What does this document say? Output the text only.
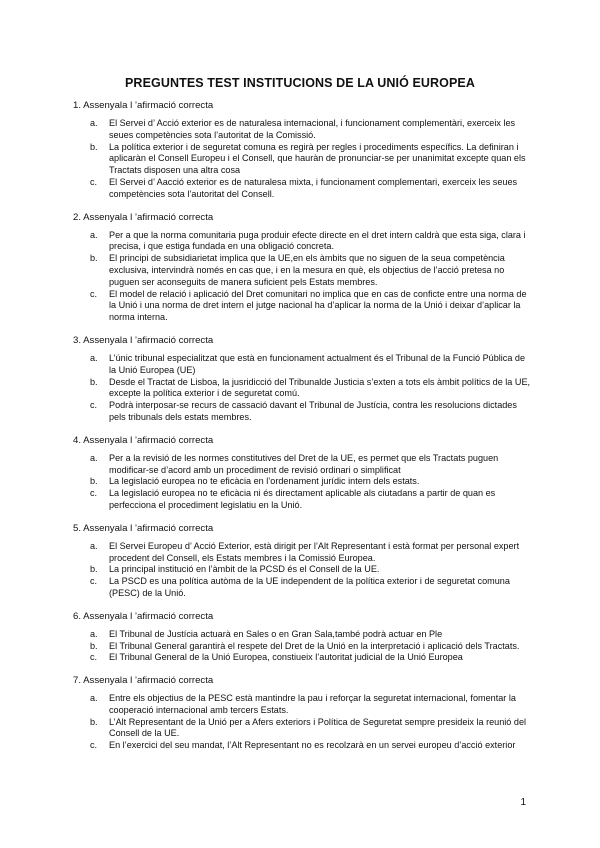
PREGUNTES TEST INSTITUCIONS DE LA UNIÓ EUROPEA
1. Assenyala l ’afirmació correcta
a. El Servei d’ Acció exterior es de naturalesa internacional, i funcionament complementàri, exerceix les seues competències sota l’autoritat de la Comissió.
b. La política exterior i de seguretat comuna es regirà per regles i procediments específics. La definiran i aplicaràn el Consell Europeu i el Consell, que hauràn de pronunciar-se per unanimitat excepte quan els Tractats disposen una altra cosa
c. El Servei d’ Aacció exterior es de naturalesa mixta, i funcionament complementari, exerceix les seues competències sota l’autoritat del Consell.
2. Assenyala l ’afirmació correcta
a. Per a que la norma comunitaria puga produir efecte directe en el dret intern caldrà que esta siga, clara i precisa, i que estiga fundada en una obligació concreta.
b. El principi de subsidiarietat implica que la UE,en els àmbits que no siguen de la seua competència exclusiva, intervindrà només en cas que, i en la mesura en què, els objectius de l’acció pretesa no puguen ser aconseguits de manera suficient pels Estats membres.
c. El model de relació i aplicació del Dret comunitari no implica que en cas de conficte entre una norma de la Unió i una norma de dret intern el jutge nacional ha d’aplicar la norma de la Unió i deixar d’aplicar la norma interna.
3. Assenyala l ’afirmació correcta
a. L’únic tribunal especialitzat que està en funcionament actualment és el Tribunal de la Funció Pública de la Unió Europea (UE)
b. Desde el Tractat de Lisboa, la jusridicció del Tribunalde Justicia s’exten a tots els àmbit polítics de la UE, excepte la política exterior i de seguretat comú.
c. Podrà interposar-se recurs de cassació davant el Tribunal de Justícia, contra les resolucions dictades pels tribunals dels estats membres.
4. Assenyala l ’afirmació correcta
a. Per a la revisió de les normes constitutives del Dret de la UE, es permet que els Tractats puguen modificar-se d’acord amb un procediment de revisió ordinari o simplificat
b. La legislació europea no te eficàcia en l’ordenament jurídic intern dels estats.
c. La legislació europea no te eficàcia ni és directament aplicable als ciutadans a partir de quan es perfecciona el procediment legislatiu en la Unió.
5. Assenyala l ’afirmació correcta
a. El Servei Europeu d’ Acció Exterior, està dirigit per l’Alt Representant i està format per personal expert procedent del Consell, els Estats membres i la Comissió Europea.
b. La principal institució en l’àmbit de la PCSD és el Consell de la UE.
c. La PSCD es una política autòma de la UE independent de la política exterior i de seguretat comuna (PESC) de la Unió.
6. Assenyala l ’afirmació correcta
a. El Tribunal de Justícia actuarà en Sales o en Gran Sala,també podrà actuar en Ple
b. El Tribunal General garantirà el respete del Dret de la Unió en la interpretació i aplicació dels Tractats.
c. El Tribunal General de la Unió Europea, constiueix l’autoritat judicial de la Unió Europea
7. Assenyala l ’afirmació correcta
a. Entre els objectius de la PESC està mantindre la pau i reforçar la seguretat internacional, fomentar la cooperació internacional amb tercers Estats.
b. L’Alt Representant de la Unió per a Afers exteriors i Política de Seguretat sempre presideix la reunió del Consell de la UE.
c. En l’exercici del seu mandat, l’Alt Representant no es recolzarà en un servei europeu d’acció exterior
1
